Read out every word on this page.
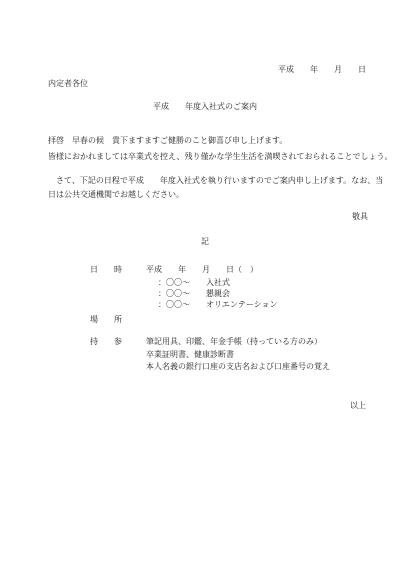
平成　　年　　月　　日
内定者各位
平成　　年度入社式のご案内
拝啓　早春の候　貴下ますますご健勝のこと御喜び申し上げます。
皆様におかれましては卒業式を控え、残り僅かな学生生活を満喫されておられることでしょう。
　さて、下記の日程で平成　　年度入社式を執り行いますのでご案内申し上げます。なお、当
日は公共交通機関でお越しください。
敬具
記
日　　時	平成　　年　　月　　日（　）
：〇〇～　　入社式
：〇〇～　　懇親会
：〇〇～　　オリエンテーション
場　　所
持　　参	筆記用具、印鑑、年金手帳（持っている方のみ）
卒業証明書、健康診断書
本人名義の銀行口座の支店名および口座番号の覚え
以上
